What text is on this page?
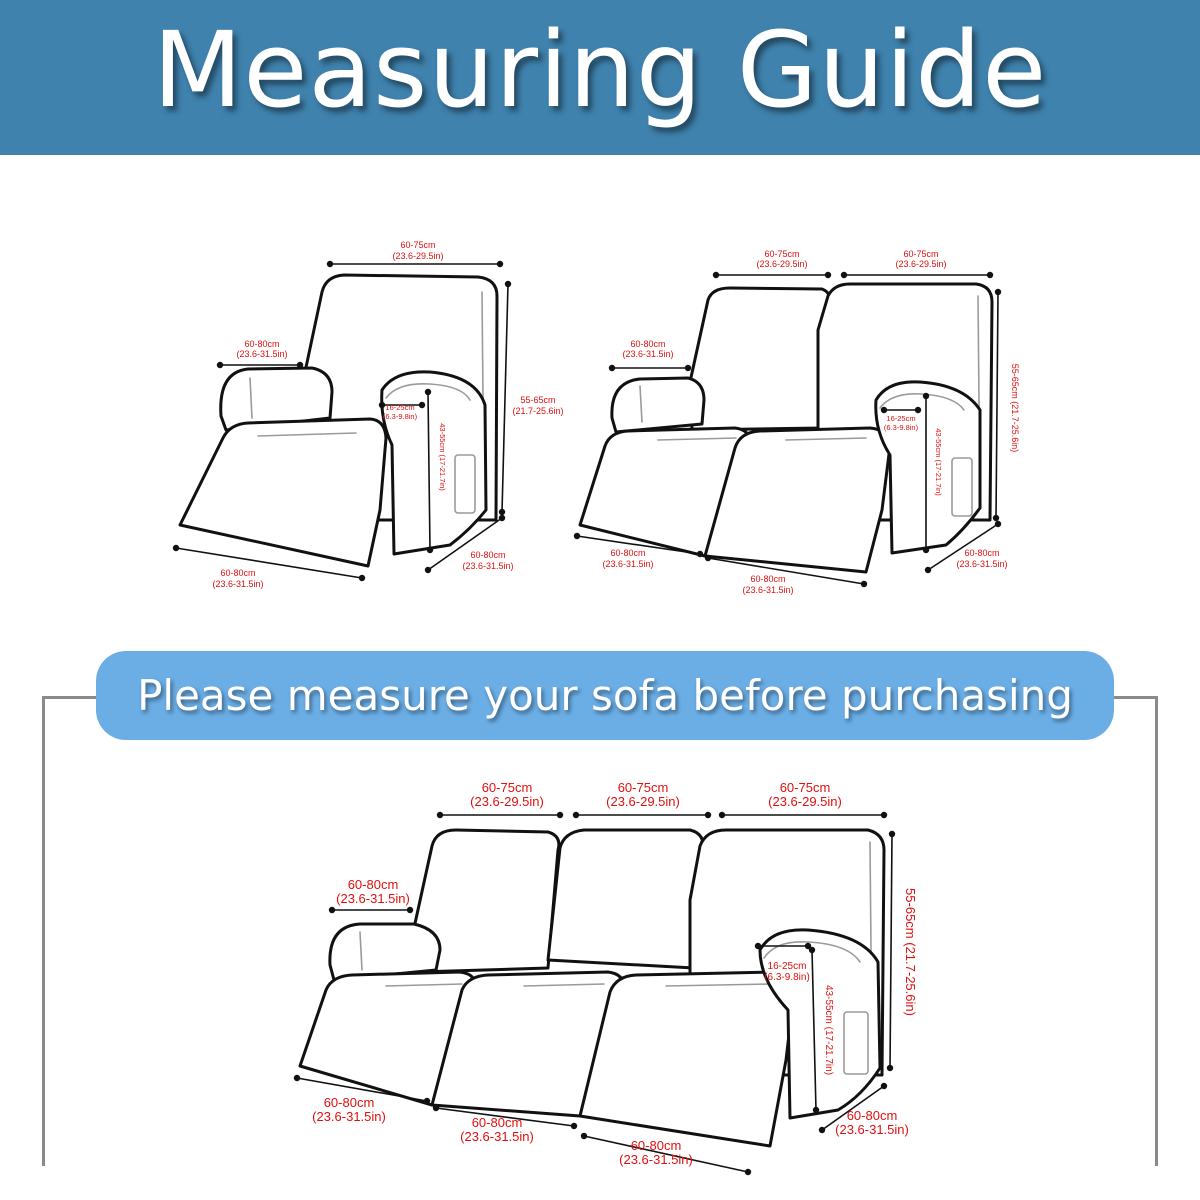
Measuring Guide
Please measure your sofa before purchasing
60-75cm
(23.6-29.5in)
60-80cm
(23.6-31.5in)
55-65cm
(21.7-25.6in)
16-25cm
(6.3-9.8in)
43-55cm (17-21.7in)
60-80cm
(23.6-31.5in)
60-80cm
(23.6-31.5in)
60-75cm
(23.6-29.5in)
60-75cm
(23.6-29.5in)
60-80cm
(23.6-31.5in)
55-65cm (21.7-25.6in)
16-25cm
(6.3-9.8in)
43-55cm (17-21.7in)
60-80cm
(23.6-31.5in)
60-80cm
(23.6-31.5in)
60-80cm
(23.6-31.5in)
60-75cm
(23.6-29.5in)
60-75cm
(23.6-29.5in)
60-75cm
(23.6-29.5in)
60-80cm
(23.6-31.5in)	55-65cm (21.7-25.6in)
16-25cm
(6.3-9.8in)
43-55cm (17-21.7in)
60-80cm
(23.6-31.5in)
60-80cm
(23.6-31.5in)	60-80cm
(23.6-31.5in)
60-80cm
(23.6-31.5in)
